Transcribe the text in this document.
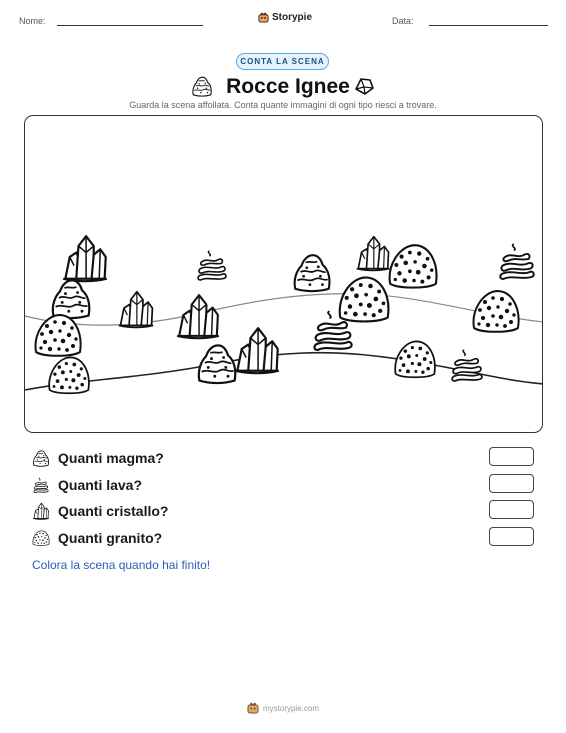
Nome:	Storypie	Data:
CONTA LA SCENA
Rocce Ignee
Guarda la scena affollata. Conta quante immagini di ogni tipo riesci a trovare.
Quanti magma?
Quanti lava?
Quanti cristallo?
Quanti granito?
Colora la scena quando hai finito!
mystorypie.com
